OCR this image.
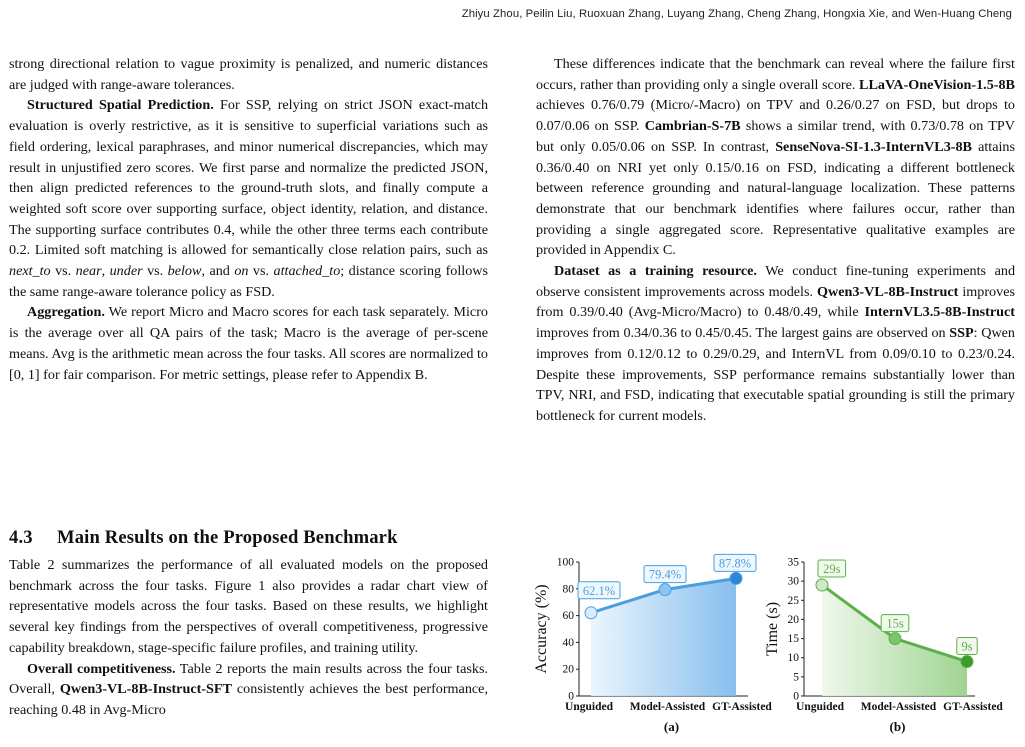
Zhiyu Zhou, Peilin Liu, Ruoxuan Zhang, Luyang Zhang, Cheng Zhang, Hongxia Xie, and Wen-Huang Cheng

strong directional relation to vague proximity is penalized, and numeric distances are judged with range-aware tolerances.

Structured Spatial Prediction. For SSP, relying on strict JSON exact-match evaluation is overly restrictive, as it is sensitive to superficial variations such as field ordering, lexical paraphrases, and minor numerical discrepancies, which may result in unjustified zero scores. We first parse and normalize the predicted JSON, then align predicted references to the ground-truth slots, and finally compute a weighted soft score over supporting surface, object identity, relation, and distance. The supporting surface contributes 0.4, while the other three terms each contribute 0.2. Limited soft matching is allowed for semantically close relation pairs, such as next_to vs. near, under vs. below, and on vs. attached_to; distance scoring follows the same range-aware tolerance policy as FSD.

Aggregation. We report Micro and Macro scores for each task separately. Micro is the average over all QA pairs of the task; Macro is the average of per-scene means. Avg is the arithmetic mean across the four tasks. All scores are normalized to [0, 1] for fair comparison. For metric settings, please refer to Appendix B.

4.3 Main Results on the Proposed Benchmark

Table 2 summarizes the performance of all evaluated models on the proposed benchmark across the four tasks. Figure 1 also provides a radar chart view of representative models across the four tasks. Based on these results, we highlight several key findings from the perspectives of overall competitiveness, progressive capability breakdown, stage-specific failure profiles, and training utility.

Overall competitiveness. Table 2 reports the main results across the four tasks. Overall, Qwen3-VL-8B-Instruct-SFT consistently achieves the best performance, reaching 0.48 in Avg-Micro

These differences indicate that the benchmark can reveal where the failure first occurs, rather than providing only a single overall score. LLaVA-OneVision-1.5-8B achieves 0.76/0.79 (Micro/-Macro) on TPV and 0.26/0.27 on FSD, but drops to 0.07/0.06 on SSP. Cambrian-S-7B shows a similar trend, with 0.73/0.78 on TPV but only 0.05/0.06 on SSP. In contrast, SenseNova-SI-1.3-InternVL3-8B attains 0.36/0.40 on NRI yet only 0.15/0.16 on FSD, indicating a different bottleneck between reference grounding and natural-language localization. These patterns demonstrate that our benchmark identifies where failures occur, rather than providing a single aggregated score. Representative qualitative examples are provided in Appendix C.

Dataset as a training resource. We conduct fine-tuning experiments and observe consistent improvements across models. Qwen3-VL-8B-Instruct improves from 0.39/0.40 (Avg-Micro/Macro) to 0.48/0.49, while InternVL3.5-8B-Instruct improves from 0.34/0.36 to 0.45/0.45. The largest gains are observed on SSP: Qwen improves from 0.12/0.12 to 0.29/0.29, and InternVL from 0.09/0.10 to 0.23/0.24. Despite these improvements, SSP performance remains substantially lower than TPV, NRI, and FSD, indicating that executable spatial grounding is still the primary bottleneck for current models.

0
20
40
60
80
100
Accuracy (%)	62.1%
79.4%
87.8%
Unguided Model-Assisted GT-Assisted
(a)
0
5
10
15
20
25
30
35
Time (s)
29s
15s
9s
Unguided Model-Assisted GT-Assisted
(b)
